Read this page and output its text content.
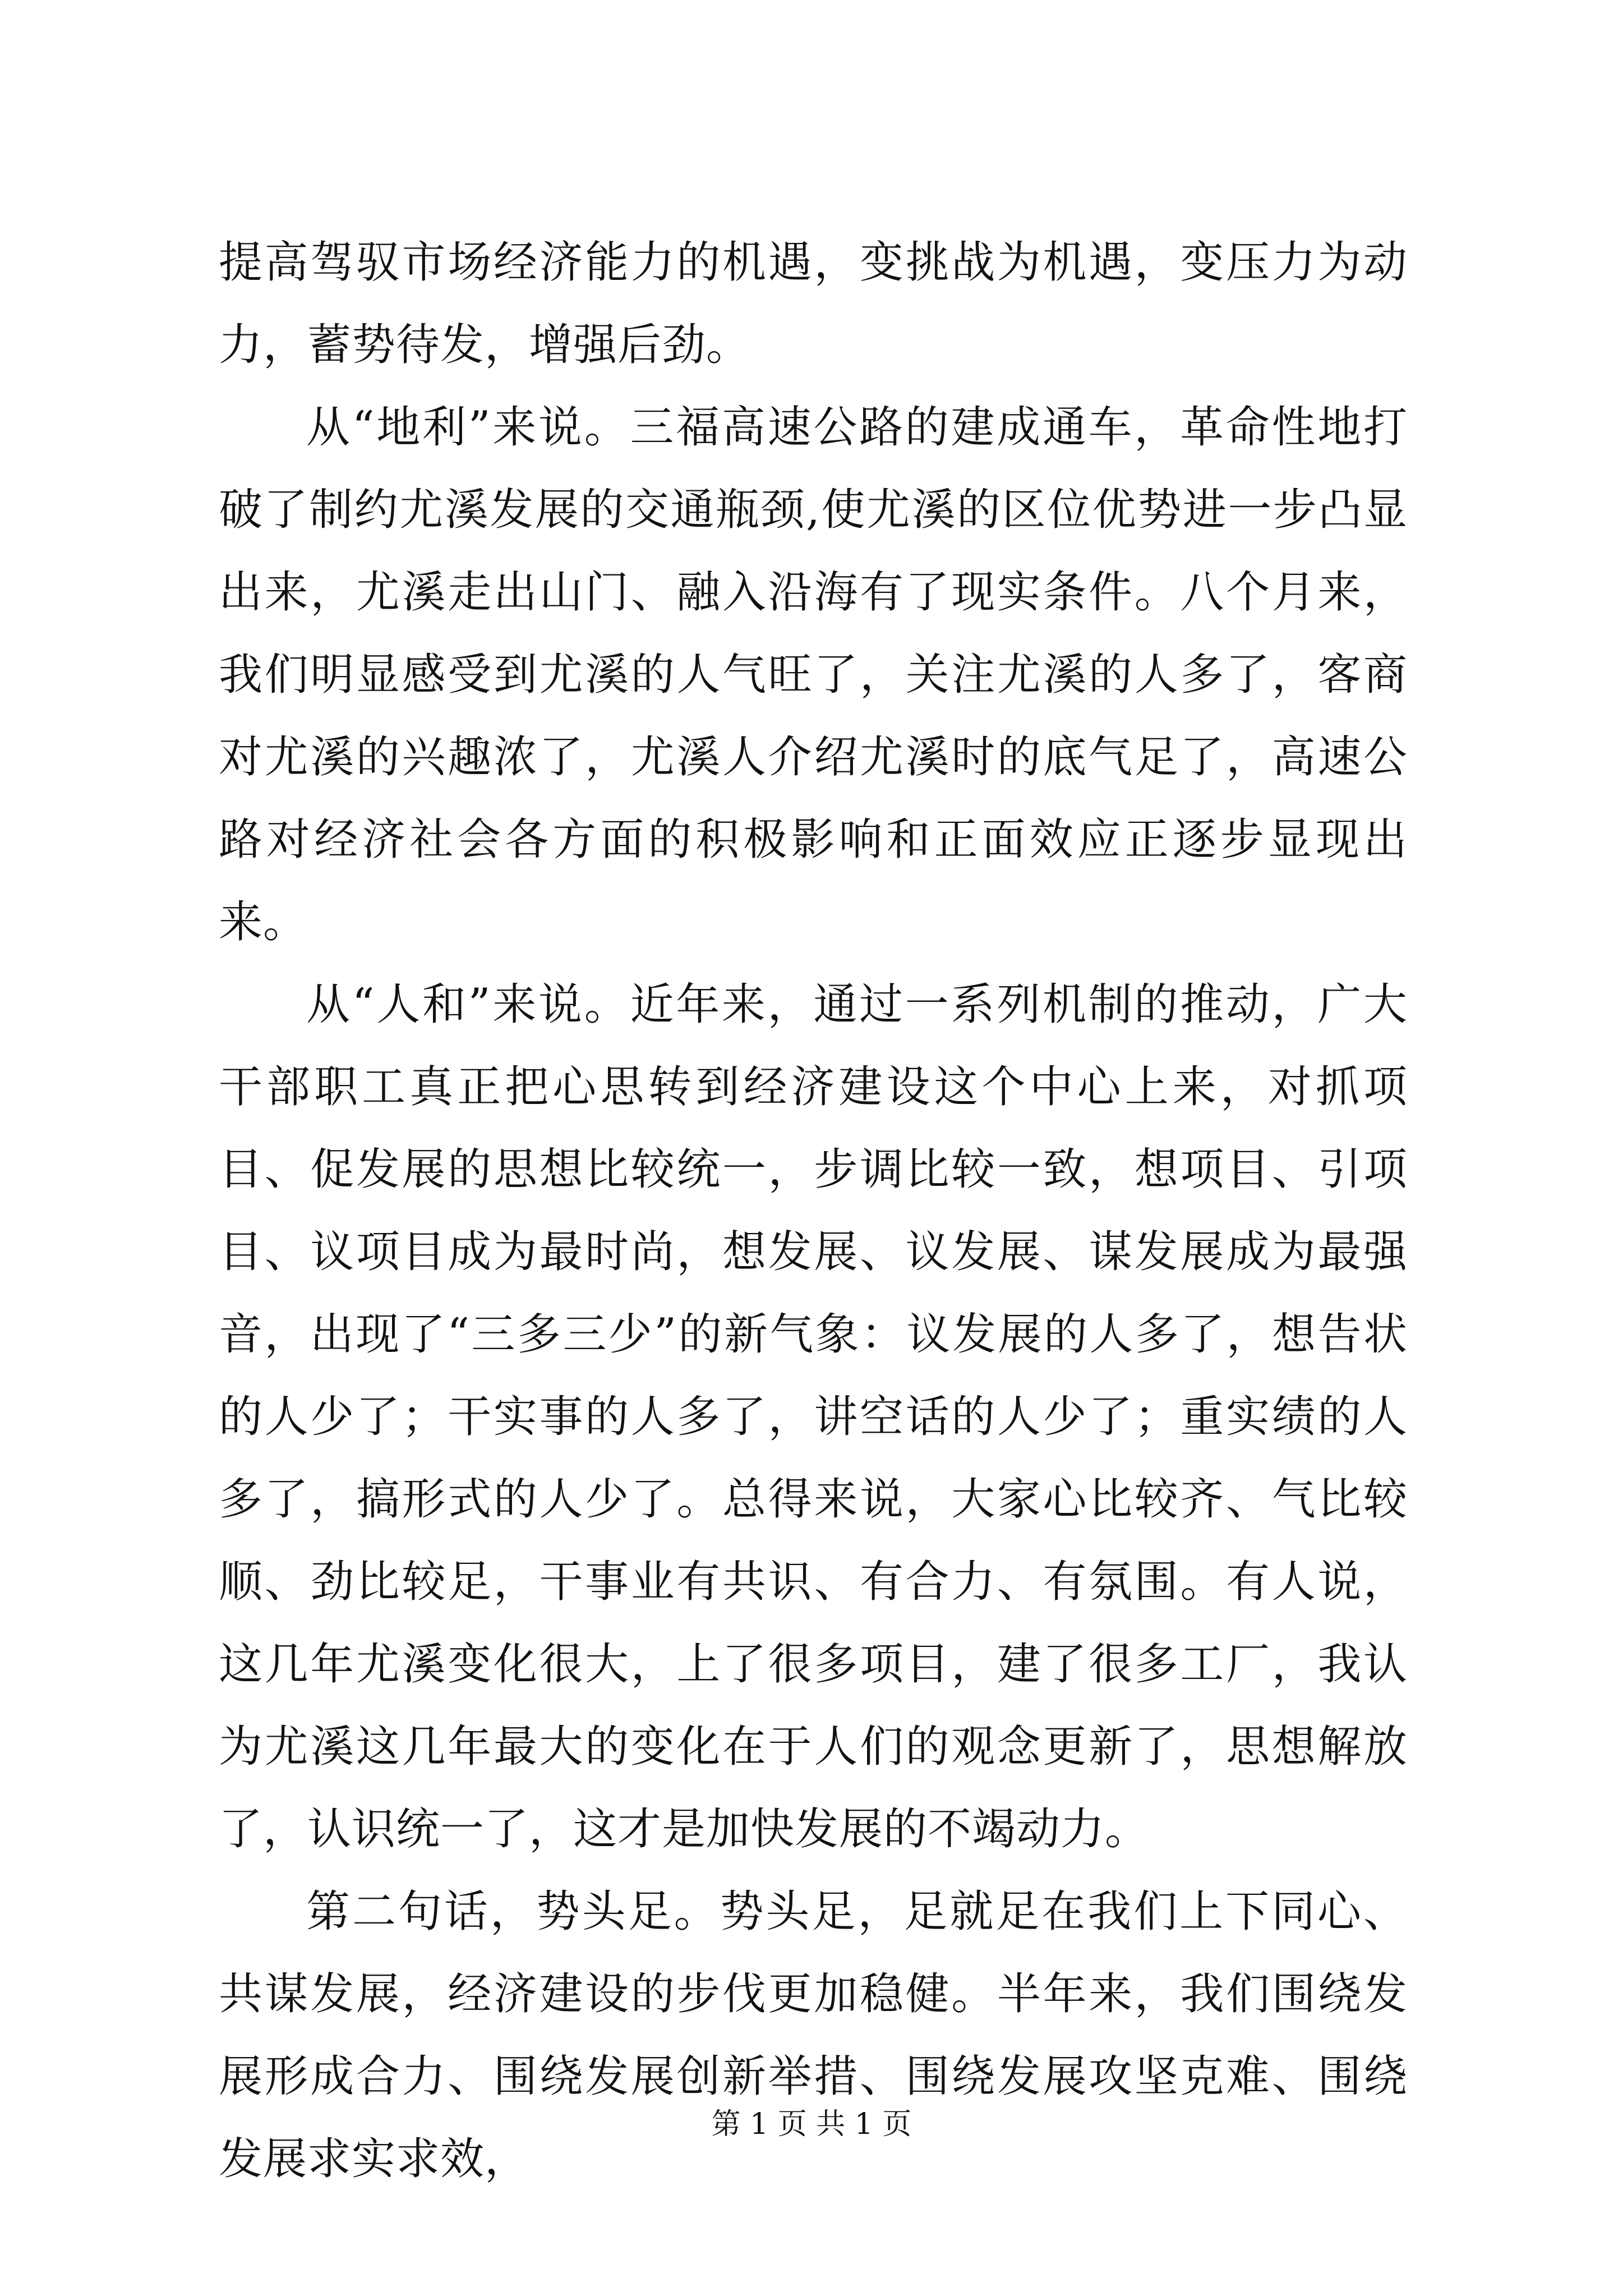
提高驾驭市场经济能力的机遇，变挑战为机遇，变压力为动力，蓄势待发，增强后劲。

从“地利”来说。三福高速公路的建成通车，革命性地打破了制约尤溪发展的交通瓶颈,使尤溪的区位优势进一步凸显出来，尤溪走出山门、融入沿海有了现实条件。八个月来，我们明显感受到尤溪的人气旺了，关注尤溪的人多了，客商对尤溪的兴趣浓了，尤溪人介绍尤溪时的底气足了，高速公路对经济社会各方面的积极影响和正面效应正逐步显现出来。

从“人和”来说。近年来，通过一系列机制的推动，广大干部职工真正把心思转到经济建设这个中心上来，对抓项目、促发展的思想比较统一，步调比较一致，想项目、引项目、议项目成为最时尚，想发展、议发展、谋发展成为最强音，出现了“三多三少”的新气象：议发展的人多了，想告状的人少了；干实事的人多了，讲空话的人少了；重实绩的人多了，搞形式的人少了。总得来说，大家心比较齐、气比较顺、劲比较足，干事业有共识、有合力、有氛围。有人说，这几年尤溪变化很大，上了很多项目，建了很多工厂，我认为尤溪这几年最大的变化在于人们的观念更新了，思想解放了，认识统一了，这才是加快发展的不竭动力。

第二句话，势头足。势头足，足就足在我们上下同心、共谋发展，经济建设的步伐更加稳健。半年来，我们围绕发展形成合力、围绕发展创新举措、围绕发展攻坚克难、围绕发展求实求效，

第 1 页 共 1 页
